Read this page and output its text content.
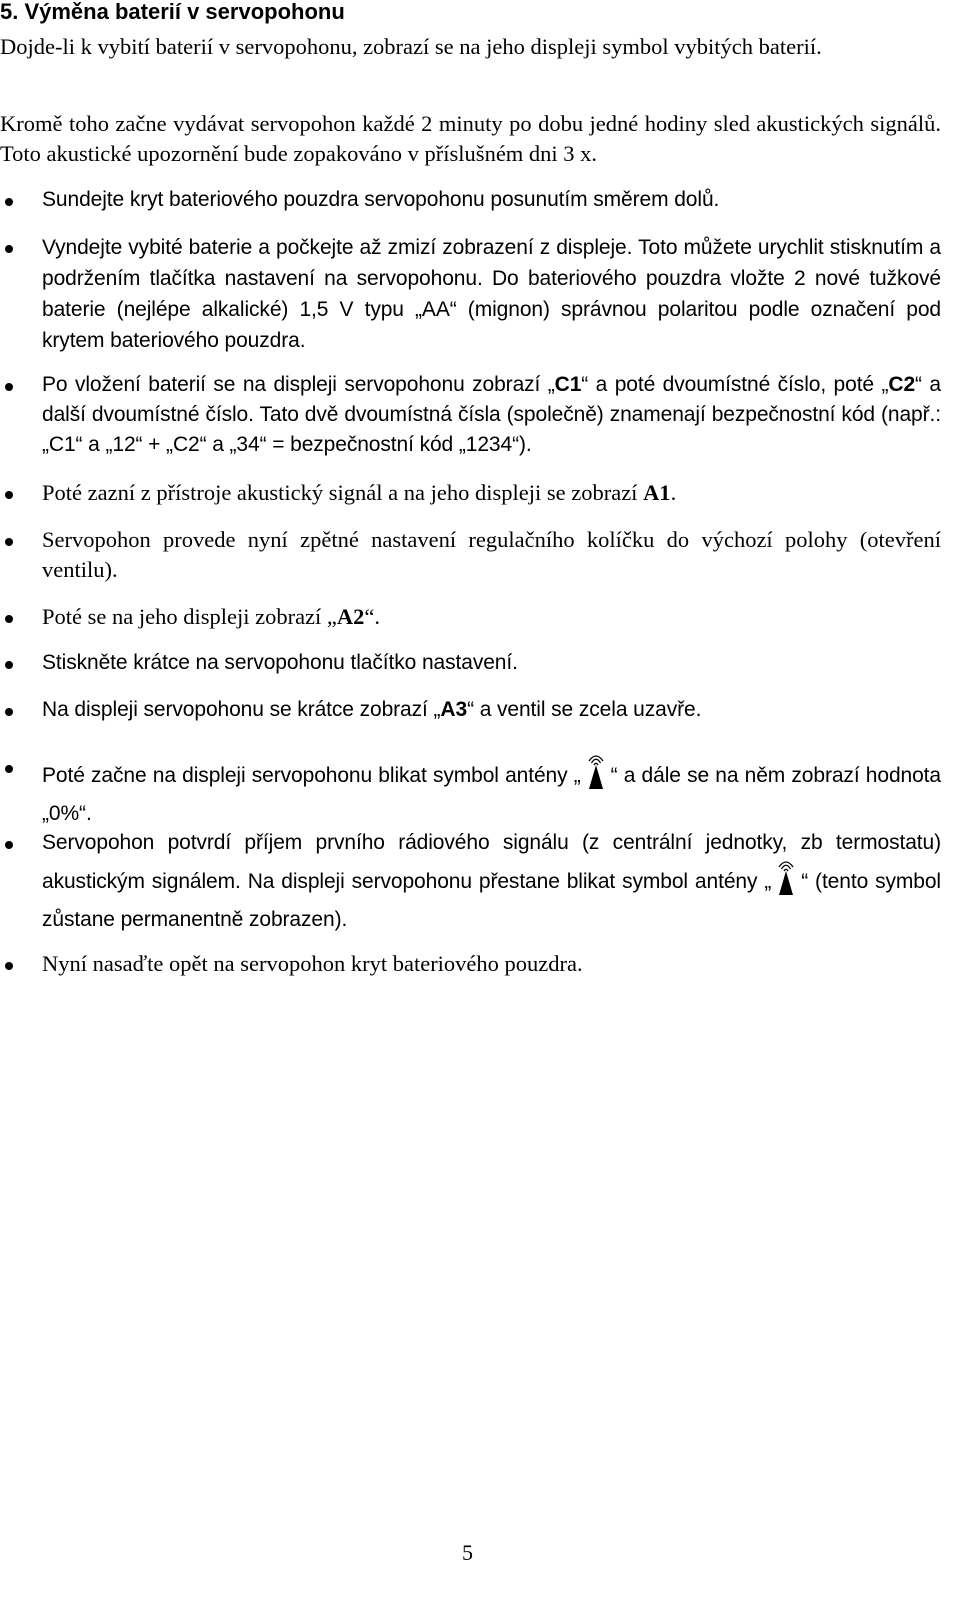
5. Výměna baterií v servopohonu

Dojde-li k vybití baterií v servopohonu, zobrazí se na jeho displeji symbol vybitých baterií.

Kromě toho začne vydávat servopohon každé 2 minuty po dobu jedné hodiny sled akustických signálů. Toto akustické upozornění bude zopakováno v příslušném dni 3 x.

Sundejte kryt bateriového pouzdra servopohonu posunutím směrem dolů.
Vyndejte vybité baterie a počkejte až zmizí zobrazení z displeje. Toto můžete urychlit stisknutím a podržením tlačítka nastavení na servopohonu. Do bateriového pouzdra vložte 2 nové tužkové baterie (nejlépe alkalické) 1,5 V typu „AA“ (mignon) správnou polaritou podle označení pod krytem bateriového pouzdra.
Po vložení baterií se na displeji servopohonu zobrazí „C1“ a poté dvoumístné číslo, poté „C2“ a další dvoumístné číslo. Tato dvě dvoumístná čísla (společně) znamenají bezpečnostní kód (např.: „C1“ a „12“ + „C2“ a „34“ = bezpečnostní kód „1234“).
Poté zazní z přístroje akustický signál a na jeho displeji se zobrazí A1.
Servopohon provede nyní zpětné nastavení regulačního kolíčku do výchozí polohy (otevření ventilu).
Poté se na jeho displeji zobrazí „A2“.
Stiskněte krátce na servopohonu tlačítko nastavení.
Na displeji servopohonu se krátce zobrazí „A3“ a ventil se zcela uzavře.
Poté začne na displeji servopohonu blikat symbol antény „ “ a dále se na něm zobrazí hodnota „0%“.
Servopohon potvrdí příjem prvního rádiového signálu (z centrální jednotky, zb termostatu) akustickým signálem. Na displeji servopohonu přestane blikat symbol antény „ “ (tento symbol zůstane permanentně zobrazen).
Nyní nasaďte opět na servopohon kryt bateriového pouzdra.
5
